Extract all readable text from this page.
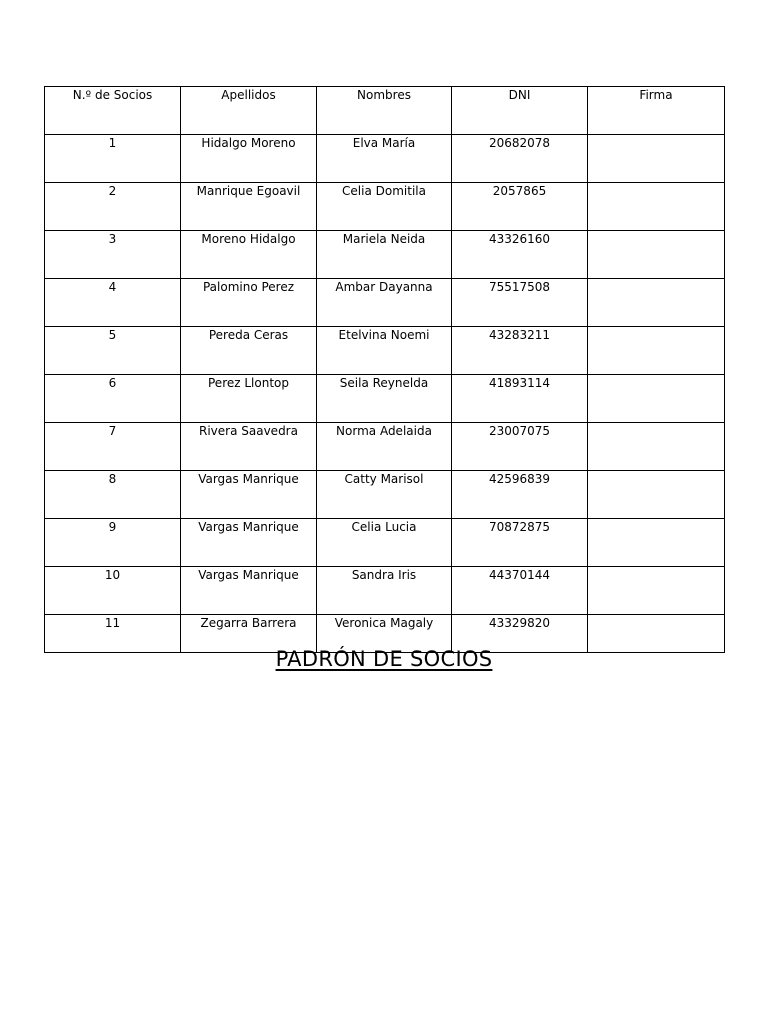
N.º de Socios	Apellidos	Nombres	DNI	Firma
1	Hidalgo Moreno	Elva María	20682078	
2	Manrique Egoavil	Celia Domitila	2057865	
3	Moreno Hidalgo	Mariela Neida	43326160	
4	Palomino Perez	Ambar Dayanna	75517508	
5	Pereda Ceras	Etelvina Noemi	43283211	
6	Perez Llontop	Seila Reynelda	41893114	
7	Rivera Saavedra	Norma Adelaida	23007075	
8	Vargas Manrique	Catty Marisol	42596839	
9	Vargas Manrique	Celia Lucia	70872875	
10	Vargas Manrique	Sandra Iris	44370144	
11	Zegarra Barrera	Veronica Magaly	43329820	
PADRÓN DE SOCIOS
